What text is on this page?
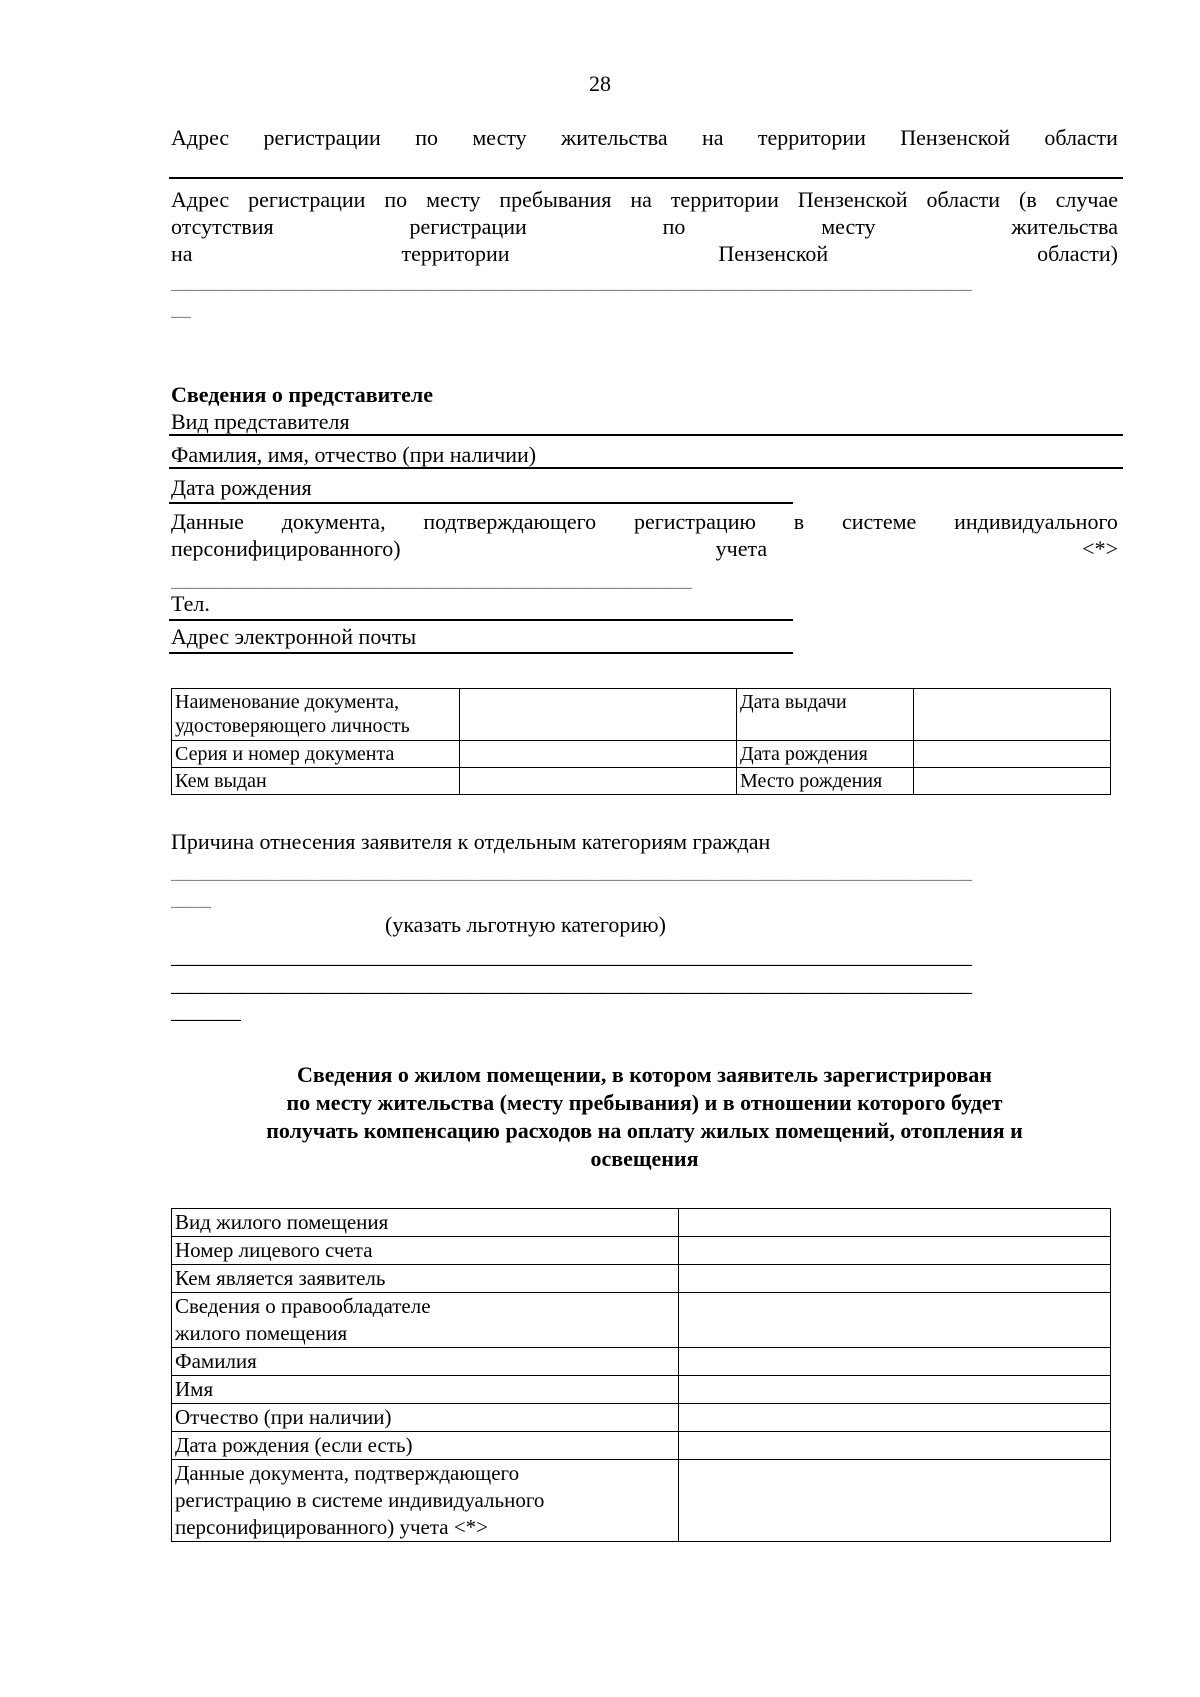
28
Адрес регистрации по месту жительства на территории Пензенской области
Адрес регистрации по месту пребывания на территории Пензенской области (в случае
отсутствия	регистрации	по	месту	жительства
на	территории	Пензенской	области)
________________________________________________________________________________
__
Сведения о представителе
Вид представителя
Фамилия, имя, отчество (при наличии)
Дата рождения
Данные документа, подтверждающего регистрацию в системе индивидуального
персонифицированного)	учета	<*>
____________________________________________________
Тел.
Адрес электронной почты
Наименование документа,
удостоверяющего личность		Дата выдачи	
Серия и номер документа		Дата рождения	
Кем выдан		Место рождения	
Причина отнесения заявителя к отдельным категориям граждан
________________________________________________________________________________
____
(указать льготную категорию)
________________________________________________________________________________
________________________________________________________________________________
_______
Сведения о жилом помещении, в котором заявитель зарегистрирован
по месту жительства (месту пребывания) и в отношении которого будет
получать компенсацию расходов на оплату жилых помещений, отопления и
освещения
Вид жилого помещения	
Номер лицевого счета	
Кем является заявитель	

Сведения о правообладателе
жилого помещения	

Фамилия	
Имя	
Отчество (при наличии)	
Дата рождения (если есть)	

Данные документа, подтверждающего
регистрацию в системе индивидуального
персонифицированного) учета <*>	
